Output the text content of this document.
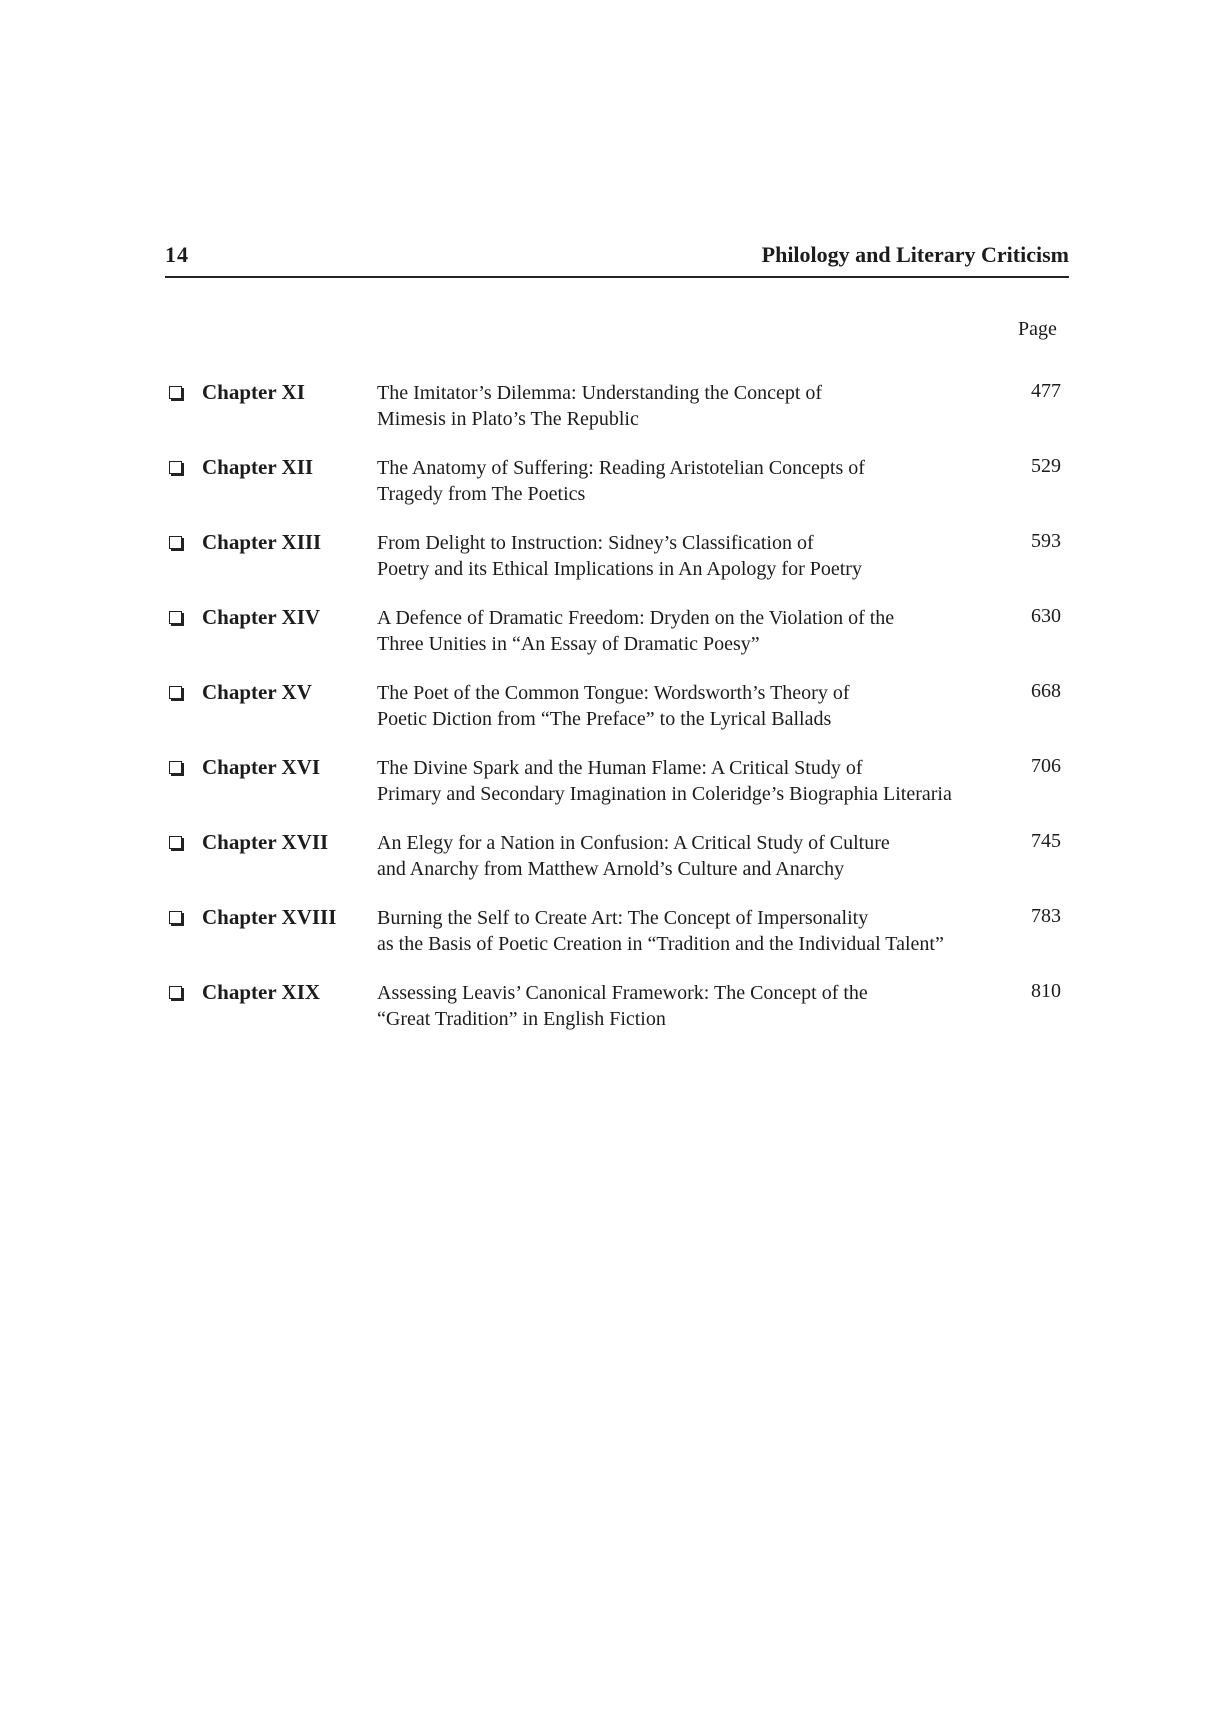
14	Philology and Literary Criticism
Page
Chapter XI	The Imitator’s Dilemma: Understanding the Concept of
Mimesis in Plato’s The Republic
477
Chapter XII	The Anatomy of Suffering: Reading Aristotelian Concepts of
Tragedy from The Poetics
529
Chapter XIII	From Delight to Instruction: Sidney’s Classification of
Poetry and its Ethical Implications in An Apology for Poetry
593
Chapter XIV	A Defence of Dramatic Freedom: Dryden on the Violation of the
Three Unities in “An Essay of Dramatic Poesy”
630
Chapter XV	The Poet of the Common Tongue: Wordsworth’s Theory of
Poetic Diction from “The Preface” to the Lyrical Ballads
668
Chapter XVI	The Divine Spark and the Human Flame: A Critical Study of
Primary and Secondary Imagination in Coleridge’s Biographia Literaria
706
Chapter XVII An Elegy for a Nation in Confusion: A Critical Study of Culture
and Anarchy from Matthew Arnold’s Culture and Anarchy
745
Chapter XVIII Burning the Self to Create Art: The Concept of Impersonality
as the Basis of Poetic Creation in “Tradition and the Individual Talent”
783
Chapter XIX	Assessing Leavis’ Canonical Framework: The Concept of the
“Great Tradition” in English Fiction
810
